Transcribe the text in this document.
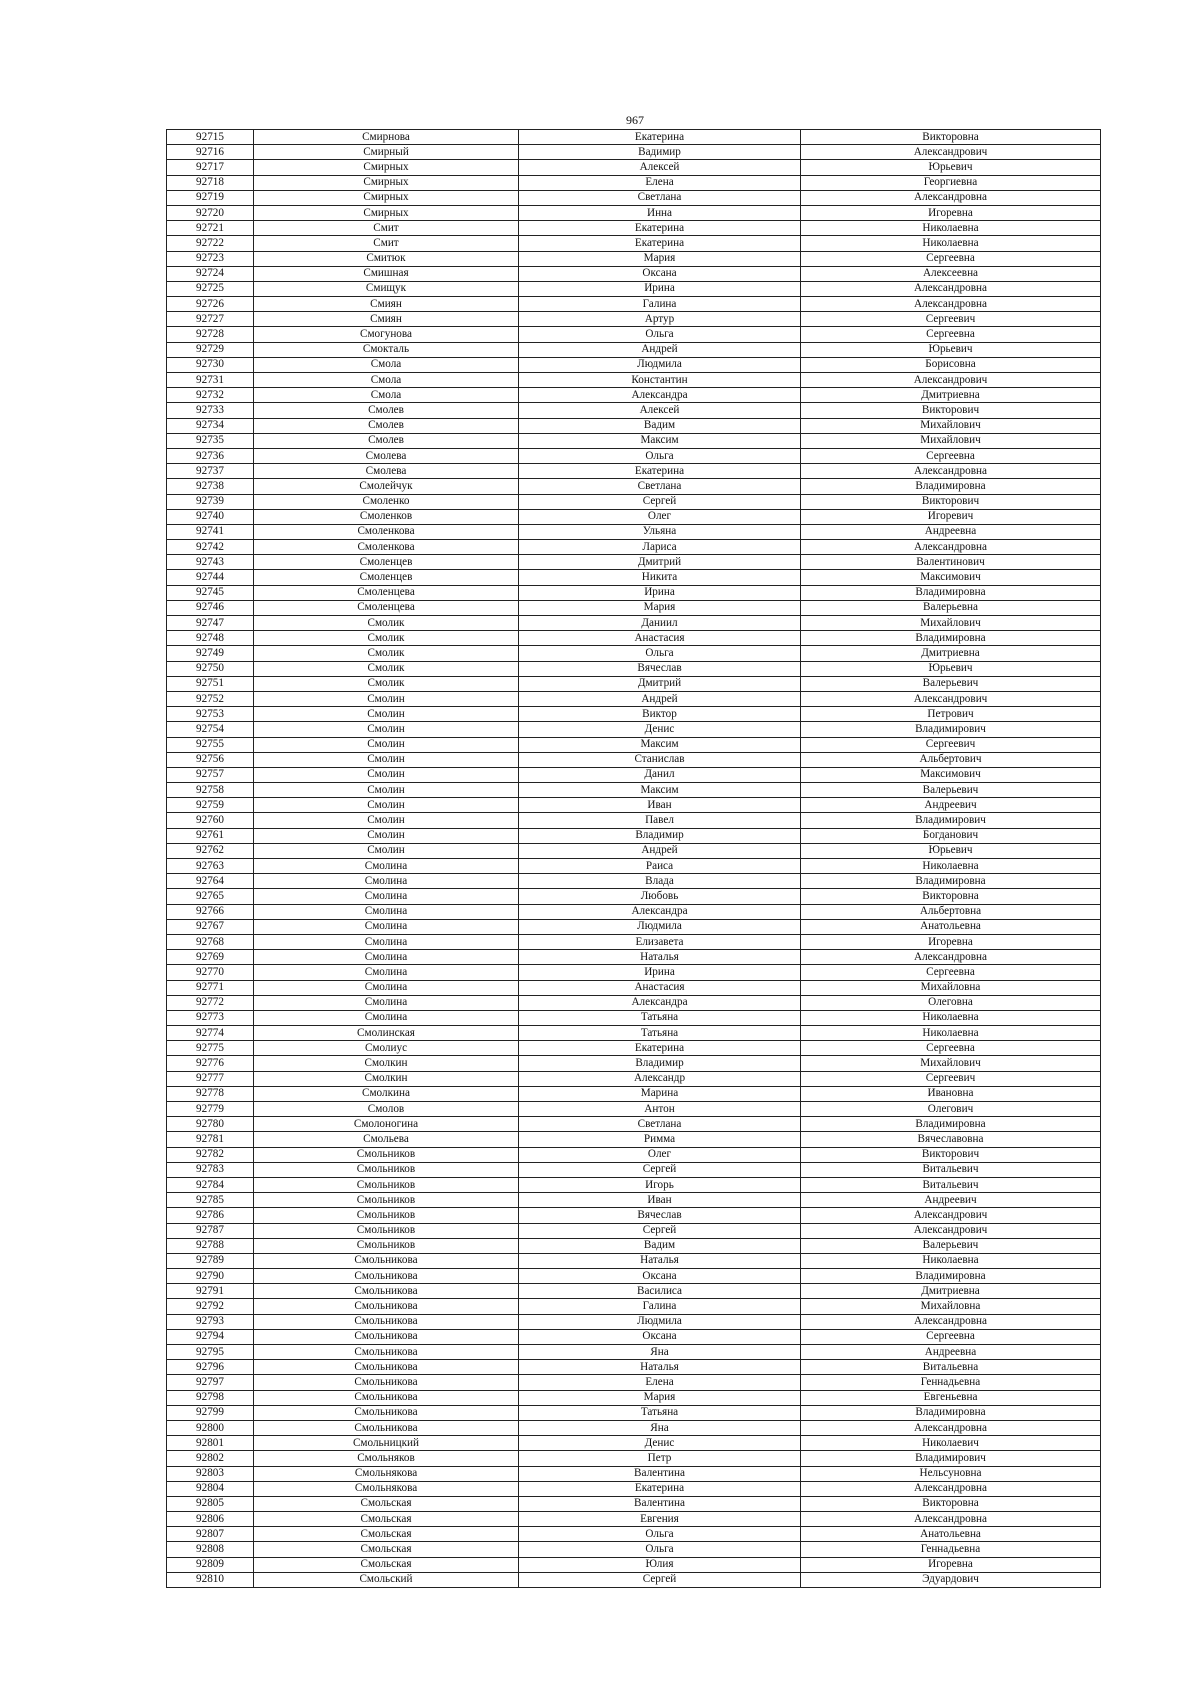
967
92715	Смирнова	Екатерина	Викторовна
92716	Смирный	Вадимир	Александрович
92717	Смирных	Алексей	Юрьевич
92718	Смирных	Елена	Георгиевна
92719	Смирных	Светлана	Александровна
92720	Смирных	Инна	Игоревна
92721	Смит	Екатерина	Николаевна
92722	Смит	Екатерина	Николаевна
92723	Смитюк	Мария	Сергеевна
92724	Смишная	Оксана	Алексеевна
92725	Смищук	Ирина	Александровна
92726	Смиян	Галина	Александровна
92727	Смиян	Артур	Сергеевич
92728	Смогунова	Ольга	Сергеевна
92729	Смокталь	Андрей	Юрьевич
92730	Смола	Людмила	Борисовна
92731	Смола	Константин	Александрович
92732	Смола	Александра	Дмитриевна
92733	Смолев	Алексей	Викторович
92734	Смолев	Вадим	Михайлович
92735	Смолев	Максим	Михайлович
92736	Смолева	Ольга	Сергеевна
92737	Смолева	Екатерина	Александровна
92738	Смолейчук	Светлана	Владимировна
92739	Смоленко	Сергей	Викторович
92740	Смоленков	Олег	Игоревич
92741	Смоленкова	Ульяна	Андреевна
92742	Смоленкова	Лариса	Александровна
92743	Смоленцев	Дмитрий	Валентинович
92744	Смоленцев	Никита	Максимович
92745	Смоленцева	Ирина	Владимировна
92746	Смоленцева	Мария	Валерьевна
92747	Смолик	Даниил	Михайлович
92748	Смолик	Анастасия	Владимировна
92749	Смолик	Ольга	Дмитриевна
92750	Смолик	Вячеслав	Юрьевич
92751	Смолик	Дмитрий	Валерьевич
92752	Смолин	Андрей	Александрович
92753	Смолин	Виктор	Петрович
92754	Смолин	Денис	Владимирович
92755	Смолин	Максим	Сергеевич
92756	Смолин	Станислав	Альбертович
92757	Смолин	Данил	Максимович
92758	Смолин	Максим	Валерьевич
92759	Смолин	Иван	Андреевич
92760	Смолин	Павел	Владимирович
92761	Смолин	Владимир	Богданович
92762	Смолин	Андрей	Юрьевич
92763	Смолина	Раиса	Николаевна
92764	Смолина	Влада	Владимировна
92765	Смолина	Любовь	Викторовна
92766	Смолина	Александра	Альбертовна
92767	Смолина	Людмила	Анатольевна
92768	Смолина	Елизавета	Игоревна
92769	Смолина	Наталья	Александровна
92770	Смолина	Ирина	Сергеевна
92771	Смолина	Анастасия	Михайловна
92772	Смолина	Александра	Олеговна
92773	Смолина	Татьяна	Николаевна
92774	Смолинская	Татьяна	Николаевна
92775	Смолиус	Екатерина	Сергеевна
92776	Смолкин	Владимир	Михайлович
92777	Смолкин	Александр	Сергеевич
92778	Смолкина	Марина	Ивановна
92779	Смолов	Антон	Олегович
92780	Смолоногина	Светлана	Владимировна
92781	Смольева	Римма	Вячеславовна
92782	Смольников	Олег	Викторович
92783	Смольников	Сергей	Витальевич
92784	Смольников	Игорь	Витальевич
92785	Смольников	Иван	Андреевич
92786	Смольников	Вячеслав	Александрович
92787	Смольников	Сергей	Александрович
92788	Смольников	Вадим	Валерьевич
92789	Смольникова	Наталья	Николаевна
92790	Смольникова	Оксана	Владимировна
92791	Смольникова	Василиса	Дмитриевна
92792	Смольникова	Галина	Михайловна
92793	Смольникова	Людмила	Александровна
92794	Смольникова	Оксана	Сергеевна
92795	Смольникова	Яна	Андреевна
92796	Смольникова	Наталья	Витальевна
92797	Смольникова	Елена	Геннадьевна
92798	Смольникова	Мария	Евгеньевна
92799	Смольникова	Татьяна	Владимировна
92800	Смольникова	Яна	Александровна
92801	Смольницкий	Денис	Николаевич
92802	Смольняков	Петр	Владимирович
92803	Смольнякова	Валентина	Нельсуновна
92804	Смольнякова	Екатерина	Александровна
92805	Смольская	Валентина	Викторовна
92806	Смольская	Евгения	Александровна
92807	Смольская	Ольга	Анатольевна
92808	Смольская	Ольга	Геннадьевна
92809	Смольская	Юлия	Игоревна
92810	Смольский	Сергей	Эдуардович
